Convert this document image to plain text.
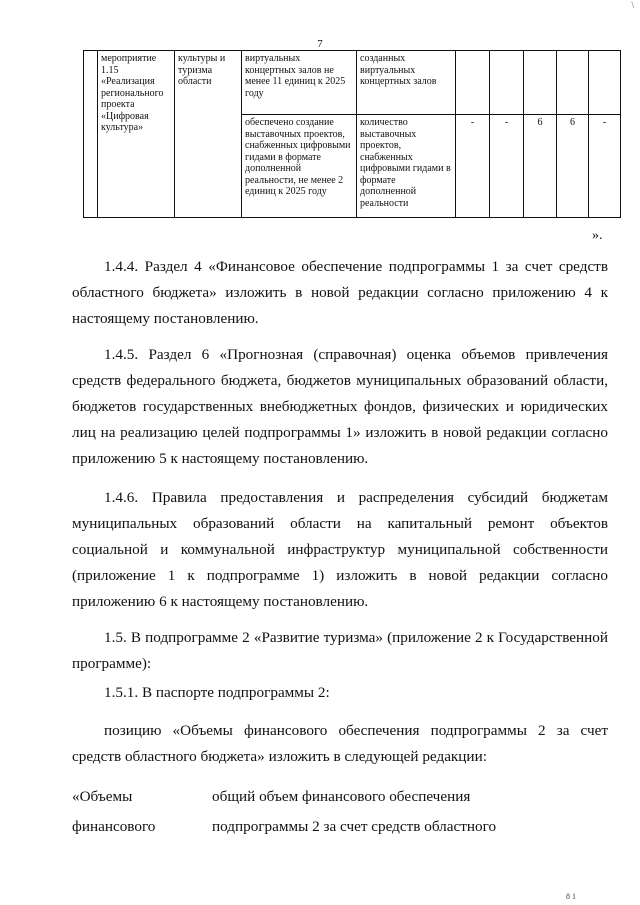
\
7
	мероприятие 1.15 «Реализация регионального проекта «Цифровая культура»	культуры и туризма области	виртуальных концертных залов не менее 11 единиц к 2025 году	созданных виртуальных концертных залов					
			обеспечено создание выставочных проектов, снабженных цифровыми гидами в формате дополненной реальности, не менее 2 единиц к 2025 году	количество выставочных проектов, снабженных цифровыми гидами в формате дополненной реальности	-	-	6	6	-
».

1.4.4. Раздел 4 «Финансовое обеспечение подпрограммы 1 за счет средств областного бюджета» изложить в новой редакции согласно приложению 4 к настоящему постановлению.

1.4.5. Раздел 6 «Прогнозная (справочная) оценка объемов привлечения средств федерального бюджета, бюджетов муниципальных образований области, бюджетов государственных внебюджетных фондов, физических и юридических лиц на реализацию целей подпрограммы 1» изложить в новой редакции согласно приложению 5 к настоящему постановлению.

1.4.6. Правила предоставления и распределения субсидий бюджетам муниципальных образований области на капитальный ремонт объектов социальной и коммунальной инфраструктур муниципальной собственности (приложение 1 к подпрограмме 1) изложить в новой редакции согласно приложению 6 к настоящему постановлению.

1.5. В подпрограмме 2 «Развитие туризма» (приложение 2 к Государственной программе):

1.5.1. В паспорте подпрограммы 2:

позицию «Объемы финансового обеспечения подпрограммы 2 за счет средств областного бюджета» изложить в следующей редакции:

«Объемы	общий объем финансового обеспечения
финансового	подпрограммы 2 за счет средств областного
8 1
